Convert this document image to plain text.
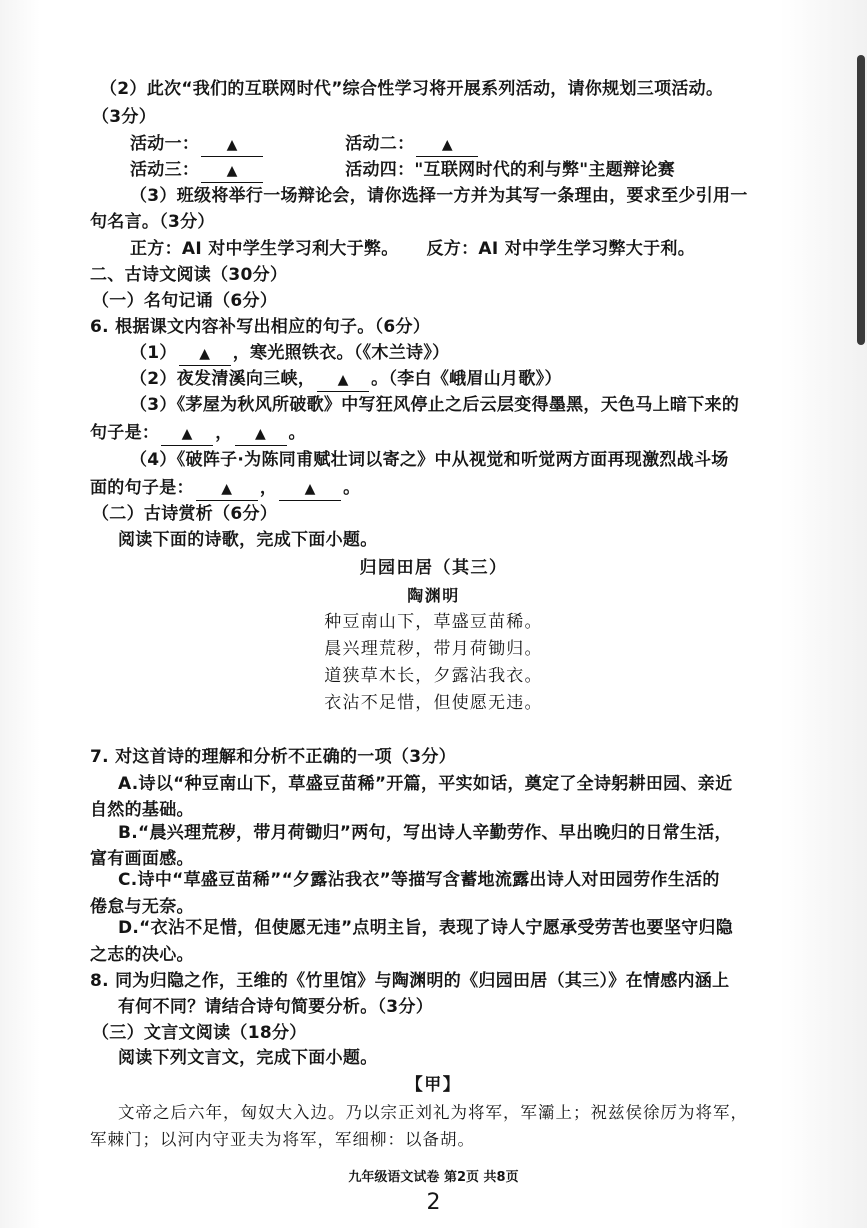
（2）此次“我们的互联网时代”综合性学习将开展系列活动，请你规划三项活动。
（3分）
活动一： ▲	活动二： ▲
活动三： ▲	活动四："互联网时代的利与弊"主题辩论赛
（3）班级将举行一场辩论会，请你选择一方并为其写一条理由，要求至少引用一
句名言。（3分）
正方：AI 对中学生学习利大于弊。 反方：AI 对中学生学习弊大于利。
二、古诗文阅读（30分）
（一）名句记诵（6分）
6. 根据课文内容补写出相应的句子。（6分）
（1） ▲ ，寒光照铁衣。（《木兰诗》）
（2）夜发清溪向三峡， ▲ 。（李白《峨眉山月歌》）
（3）《茅屋为秋风所破歌》中写狂风停止之后云层变得墨黑，天色马上暗下来的
句子是： ▲ ， ▲ 。
（4）《破阵子·为陈同甫赋壮词以寄之》中从视觉和听觉两方面再现激烈战斗场
面的句子是： ▲ ， ▲ 。
（二）古诗赏析（6分）
阅读下面的诗歌，完成下面小题。
归园田居（其三）
陶渊明
种豆南山下，草盛豆苗稀。
晨兴理荒秽，带月荷锄归。
道狭草木长，夕露沾我衣。
衣沾不足惜，但使愿无违。
7. 对这首诗的理解和分析不正确的一项（3分）
A.诗以“种豆南山下，草盛豆苗稀”开篇，平实如话，奠定了全诗躬耕田园、亲近
自然的基础。
B.“晨兴理荒秽，带月荷锄归”两句，写出诗人辛勤劳作、早出晚归的日常生活，
富有画面感。
C.诗中“草盛豆苗稀”“夕露沾我衣”等描写含蓄地流露出诗人对田园劳作生活的
倦怠与无奈。
D.“衣沾不足惜，但使愿无违”点明主旨，表现了诗人宁愿承受劳苦也要坚守归隐
之志的决心。
8. 同为归隐之作，王维的《竹里馆》与陶渊明的《归园田居（其三）》在情感内涵上
有何不同？请结合诗句简要分析。（3分）
（三）文言文阅读（18分）
阅读下列文言文，完成下面小题。
【甲】
文帝之后六年，匈奴大入边。乃以宗正刘礼为将军，军灞上；祝兹侯徐厉为将军，
军棘门；以河内守亚夫为将军，军细柳：以备胡。
九年级语文试卷 第2页 共8页
2
